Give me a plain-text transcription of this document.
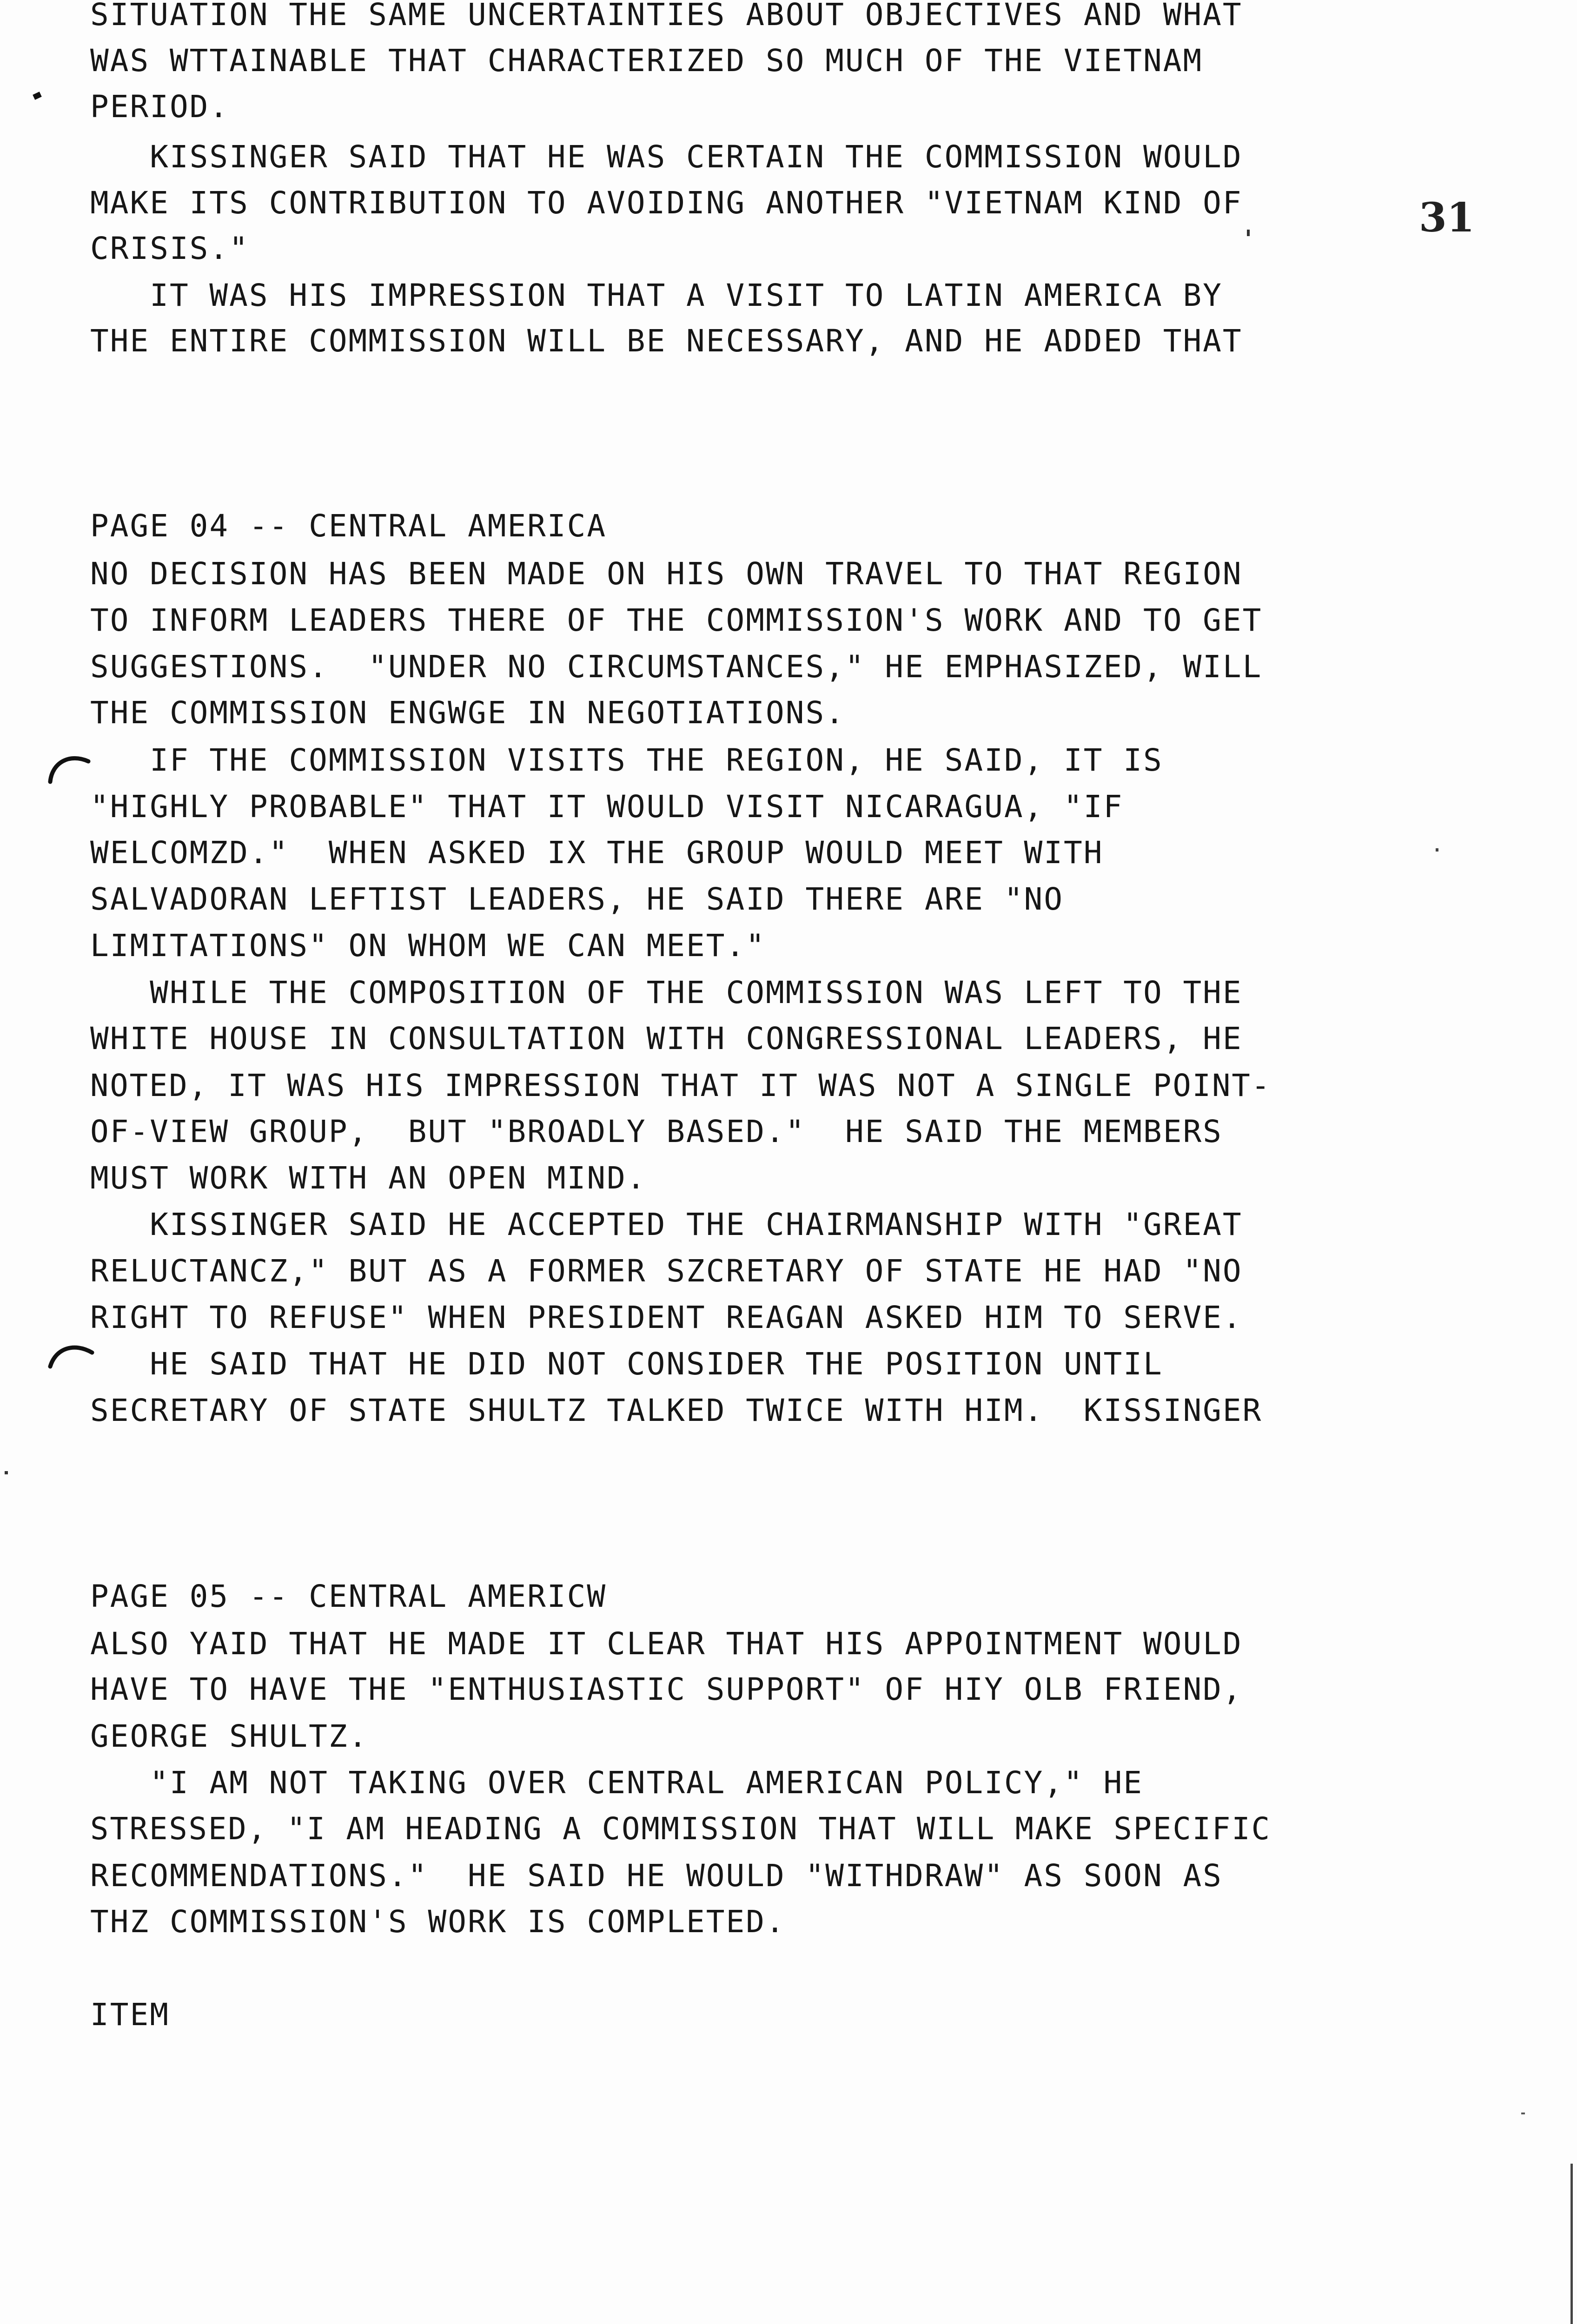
31

SITUATION THE SAME UNCERTAINTIES ABOUT OBJECTIVES AND WHAT

WAS WTTAINABLE THAT CHARACTERIZED SO MUCH OF THE VIETNAM

PERIOD.

KISSINGER SAID THAT HE WAS CERTAIN THE COMMISSION WOULD

MAKE ITS CONTRIBUTION TO AVOIDING ANOTHER "VIETNAM KIND OF

CRISIS."

IT WAS HIS IMPRESSION THAT A VISIT TO LATIN AMERICA BY

THE ENTIRE COMMISSION WILL BE NECESSARY, AND HE ADDED THAT

PAGE 04 -- CENTRAL AMERICA

NO DECISION HAS BEEN MADE ON HIS OWN TRAVEL TO THAT REGION

TO INFORM LEADERS THERE OF THE COMMISSION'S WORK AND TO GET

SUGGESTIONS.  "UNDER NO CIRCUMSTANCES," HE EMPHASIZED, WILL

THE COMMISSION ENGWGE IN NEGOTIATIONS.

IF THE COMMISSION VISITS THE REGION, HE SAID, IT IS

"HIGHLY PROBABLE" THAT IT WOULD VISIT NICARAGUA, "IF

WELCOMZD."  WHEN ASKED IX THE GROUP WOULD MEET WITH

SALVADORAN LEFTIST LEADERS, HE SAID THERE ARE "NO

LIMITATIONS" ON WHOM WE CAN MEET."

WHILE THE COMPOSITION OF THE COMMISSION WAS LEFT TO THE

WHITE HOUSE IN CONSULTATION WITH CONGRESSIONAL LEADERS, HE

NOTED, IT WAS HIS IMPRESSION THAT IT WAS NOT A SINGLE POINT-

OF-VIEW GROUP,  BUT "BROADLY BASED."  HE SAID THE MEMBERS

MUST WORK WITH AN OPEN MIND.

KISSINGER SAID HE ACCEPTED THE CHAIRMANSHIP WITH "GREAT

RELUCTANCZ," BUT AS A FORMER SZCRETARY OF STATE HE HAD "NO

RIGHT TO REFUSE" WHEN PRESIDENT REAGAN ASKED HIM TO SERVE.

HE SAID THAT HE DID NOT CONSIDER THE POSITION UNTIL

SECRETARY OF STATE SHULTZ TALKED TWICE WITH HIM.  KISSINGER

PAGE 05 -- CENTRAL AMERICW

ALSO YAID THAT HE MADE IT CLEAR THAT HIS APPOINTMENT WOULD

HAVE TO HAVE THE "ENTHUSIASTIC SUPPORT" OF HIY OLB FRIEND,

GEORGE SHULTZ.

"I AM NOT TAKING OVER CENTRAL AMERICAN POLICY," HE

STRESSED, "I AM HEADING A COMMISSION THAT WILL MAKE SPECIFIC

RECOMMENDATIONS."  HE SAID HE WOULD "WITHDRAW" AS SOON AS

THZ COMMISSION'S WORK IS COMPLETED.

ITEM
